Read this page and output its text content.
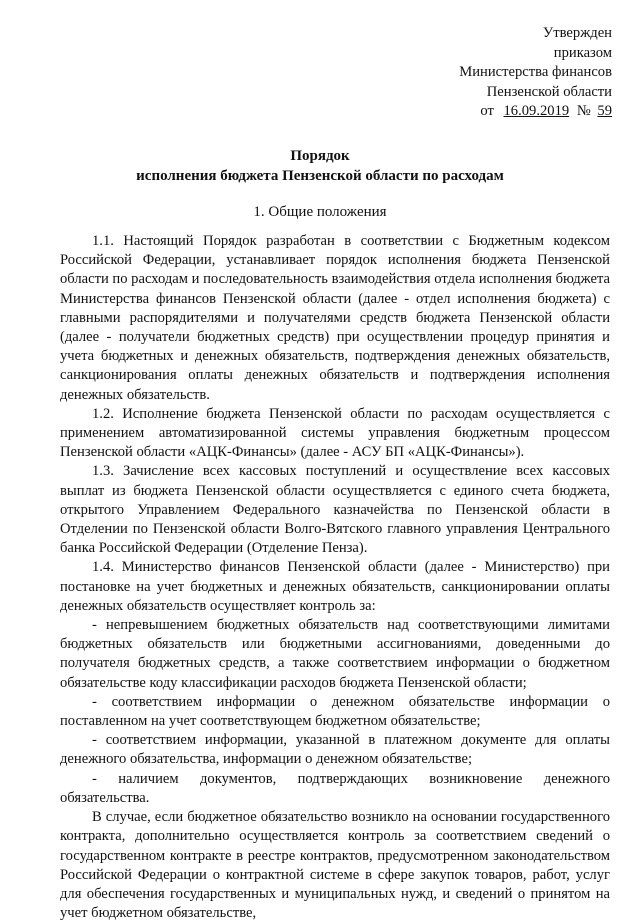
Утвержден
приказом
Министерства финансов
Пензенской области
от 16.09.2019 № 59
Порядок
исполнения бюджета Пензенской области по расходам
1. Общие положения

1.1. Настоящий Порядок разработан в соответствии с Бюджетным кодексом Российской Федерации, устанавливает порядок исполнения бюджета Пензенской области по расходам и последовательность взаимодействия отдела исполнения бюджета Министерства финансов Пензенской области (далее - отдел исполнения бюджета) с главными распорядителями и получателями средств бюджета Пензенской области (далее - получатели бюджетных средств) при осуществлении процедур принятия и учета бюджетных и денежных обязательств, подтверждения денежных обязательств, санкционирования оплаты денежных обязательств и подтверждения исполнения денежных обязательств.

1.2. Исполнение бюджета Пензенской области по расходам осуществляется с применением автоматизированной системы управления бюджетным процессом Пензенской области «АЦК-Финансы» (далее - АСУ БП «АЦК-Финансы»).

1.3. Зачисление всех кассовых поступлений и осуществление всех кассовых выплат из бюджета Пензенской области осуществляется с единого счета бюджета, открытого Управлением Федерального казначейства по Пензенской области в Отделении по Пензенской области Волго-Вятского главного управления Центрального банка Российской Федерации (Отделение Пенза).

1.4. Министерство финансов Пензенской области (далее - Министерство) при постановке на учет бюджетных и денежных обязательств, санкционировании оплаты денежных обязательств осуществляет контроль за:

- непревышением бюджетных обязательств над соответствующими лимитами бюджетных обязательств или бюджетными ассигнованиями, доведенными до получателя бюджетных средств, а также соответствием информации о бюджетном обязательстве коду классификации расходов бюджета Пензенской области;

- соответствием информации о денежном обязательстве информации о поставленном на учет соответствующем бюджетном обязательстве;

- соответствием информации, указанной в платежном документе для оплаты денежного обязательства, информации о денежном обязательстве;

- наличием документов, подтверждающих возникновение денежного обязательства.

В случае, если бюджетное обязательство возникло на основании государственного контракта, дополнительно осуществляется контроль за соответствием сведений о государственном контракте в реестре контрактов, предусмотренном законодательством Российской Федерации о контрактной системе в сфере закупок товаров, работ, услуг для обеспечения государственных и муниципальных нужд, и сведений о принятом на учет бюджетном обязательстве,
